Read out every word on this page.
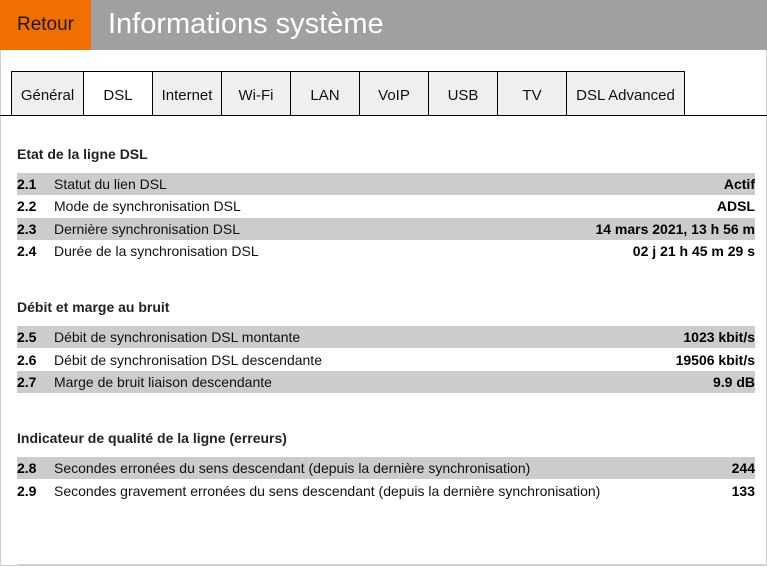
Retour	Informations système
Général	DSL	Internet	Wi-Fi	LAN	VoIP	USB	TV	DSL Advanced
Etat de la ligne DSL
2.1 Statut du lien DSL	Actif
2.2 Mode de synchronisation DSL	ADSL
2.3 Dernière synchronisation DSL	14 mars 2021, 13 h 56 m
2.4 Durée de la synchronisation DSL	02 j 21 h 45 m 29 s
Débit et marge au bruit
2.5 Débit de synchronisation DSL montante	1023 kbit/s
2.6 Débit de synchronisation DSL descendante	19506 kbit/s
2.7 Marge de bruit liaison descendante	9.9 dB
Indicateur de qualité de la ligne (erreurs)
2.8 Secondes erronées du sens descendant (depuis la dernière synchronisation)	244
2.9 Secondes gravement erronées du sens descendant (depuis la dernière synchronisation)	133
